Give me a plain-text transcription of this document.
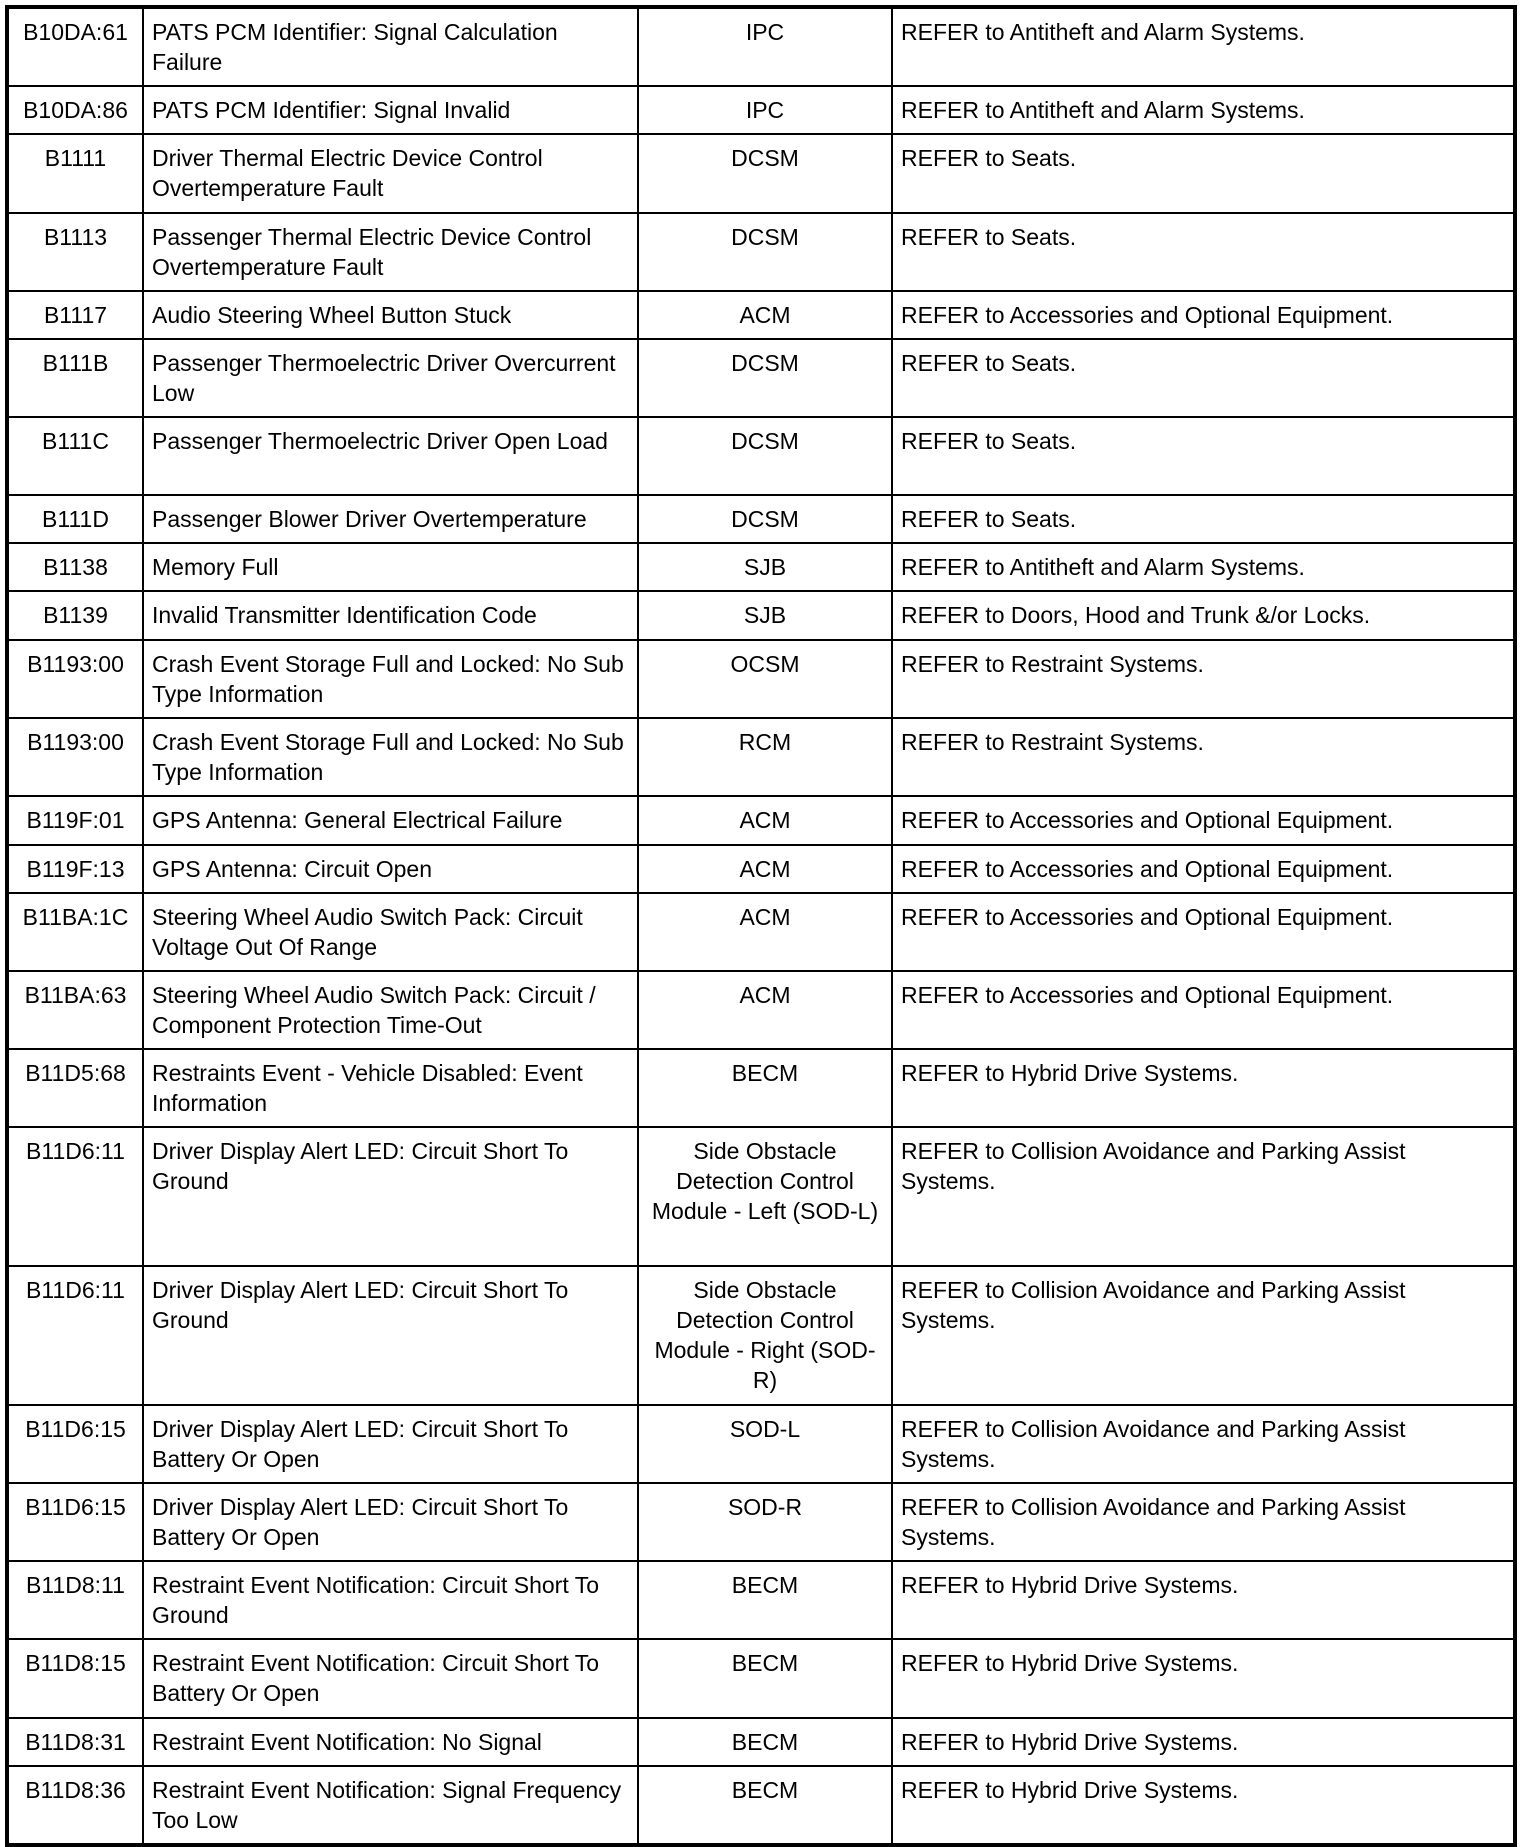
B10DA:61	PATS PCM Identifier: Signal Calculation Failure	IPC	REFER to Antitheft and Alarm Systems.
B10DA:86	PATS PCM Identifier: Signal Invalid	IPC	REFER to Antitheft and Alarm Systems.
B1111	Driver Thermal Electric Device Control Overtemperature Fault	DCSM	REFER to Seats.
B1113	Passenger Thermal Electric Device Control Overtemperature Fault	DCSM	REFER to Seats.
B1117	Audio Steering Wheel Button Stuck	ACM	REFER to Accessories and Optional Equipment.
B111B	Passenger Thermoelectric Driver Overcurrent Low	DCSM	REFER to Seats.
B111C	Passenger Thermoelectric Driver Open Load	DCSM	REFER to Seats.
B111D	Passenger Blower Driver Overtemperature	DCSM	REFER to Seats.
B1138	Memory Full	SJB	REFER to Antitheft and Alarm Systems.
B1139	Invalid Transmitter Identification Code	SJB	REFER to Doors, Hood and Trunk &/or Locks.
B1193:00	Crash Event Storage Full and Locked: No Sub Type Information	OCSM	REFER to Restraint Systems.
B1193:00	Crash Event Storage Full and Locked: No Sub Type Information	RCM	REFER to Restraint Systems.
B119F:01	GPS Antenna: General Electrical Failure	ACM	REFER to Accessories and Optional Equipment.
B119F:13	GPS Antenna: Circuit Open	ACM	REFER to Accessories and Optional Equipment.
B11BA:1C	Steering Wheel Audio Switch Pack: Circuit Voltage Out Of Range	ACM	REFER to Accessories and Optional Equipment.
B11BA:63	Steering Wheel Audio Switch Pack: Circuit / Component Protection Time-Out	ACM	REFER to Accessories and Optional Equipment.
B11D5:68	Restraints Event - Vehicle Disabled: Event Information	BECM	REFER to Hybrid Drive Systems.
B11D6:11	Driver Display Alert LED: Circuit Short To Ground	Side Obstacle Detection Control Module - Left (SOD-L)	REFER to Collision Avoidance and Parking Assist Systems.
B11D6:11	Driver Display Alert LED: Circuit Short To Ground	Side Obstacle Detection Control Module - Right (SOD-R)	REFER to Collision Avoidance and Parking Assist Systems.
B11D6:15	Driver Display Alert LED: Circuit Short To Battery Or Open	SOD-L	REFER to Collision Avoidance and Parking Assist Systems.
B11D6:15	Driver Display Alert LED: Circuit Short To Battery Or Open	SOD-R	REFER to Collision Avoidance and Parking Assist Systems.
B11D8:11	Restraint Event Notification: Circuit Short To Ground	BECM	REFER to Hybrid Drive Systems.
B11D8:15	Restraint Event Notification: Circuit Short To Battery Or Open	BECM	REFER to Hybrid Drive Systems.
B11D8:31	Restraint Event Notification: No Signal	BECM	REFER to Hybrid Drive Systems.
B11D8:36	Restraint Event Notification: Signal Frequency Too Low	BECM	REFER to Hybrid Drive Systems.
